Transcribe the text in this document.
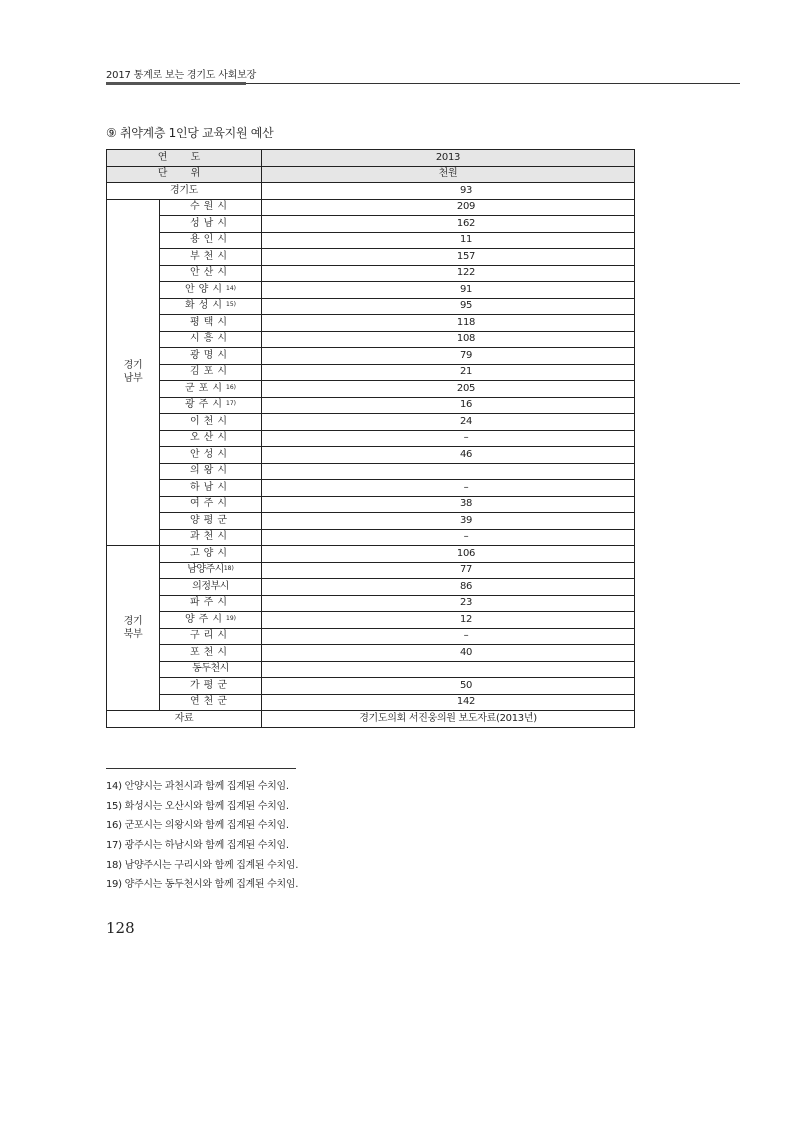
2017 통계로 보는 경기도 사회보장
⑨ 취약계층 1인당 교육지원 예산
연 도		2013
단 위		천원
경기도		93

경기
남부	수원시	209
	성남시	162
	용인시	11
	부천시	157
	안산시	122
	안양시$^{14)}$	91
	화성시$^{15)}$	95
	평택시	118
	시흥시	108
	광명시	79
	김포시	21
	군포시$^{16)}$	205
	광주시$^{17)}$	16
	이천시	24
	오산시	–
	안성시	46
	의왕시	
	하남시	–
	여주시	38
	양평군	39
	과천시	–

경기
북부	고양시	106
	남양주시$^{18)}$	77
	의정부시	86
	파주시	23
	양주시$^{19)}$	12
	구리시	–
	포천시	40
	동두천시	
	가평군	50
	연천군	142
자료		경기도의회 서진웅의원 보도자료(2013년)
14) 안양시는 과천시과 함께 집계된 수치임.
15) 화성시는 오산시와 함께 집계된 수치임.
16) 군포시는 의왕시와 함께 집계된 수치임.
17) 광주시는 하남시와 함께 집계된 수치임.
18) 남양주시는 구리시와 함께 집계된 수치임.
19) 양주시는 동두천시와 함께 집계된 수치임.
128
